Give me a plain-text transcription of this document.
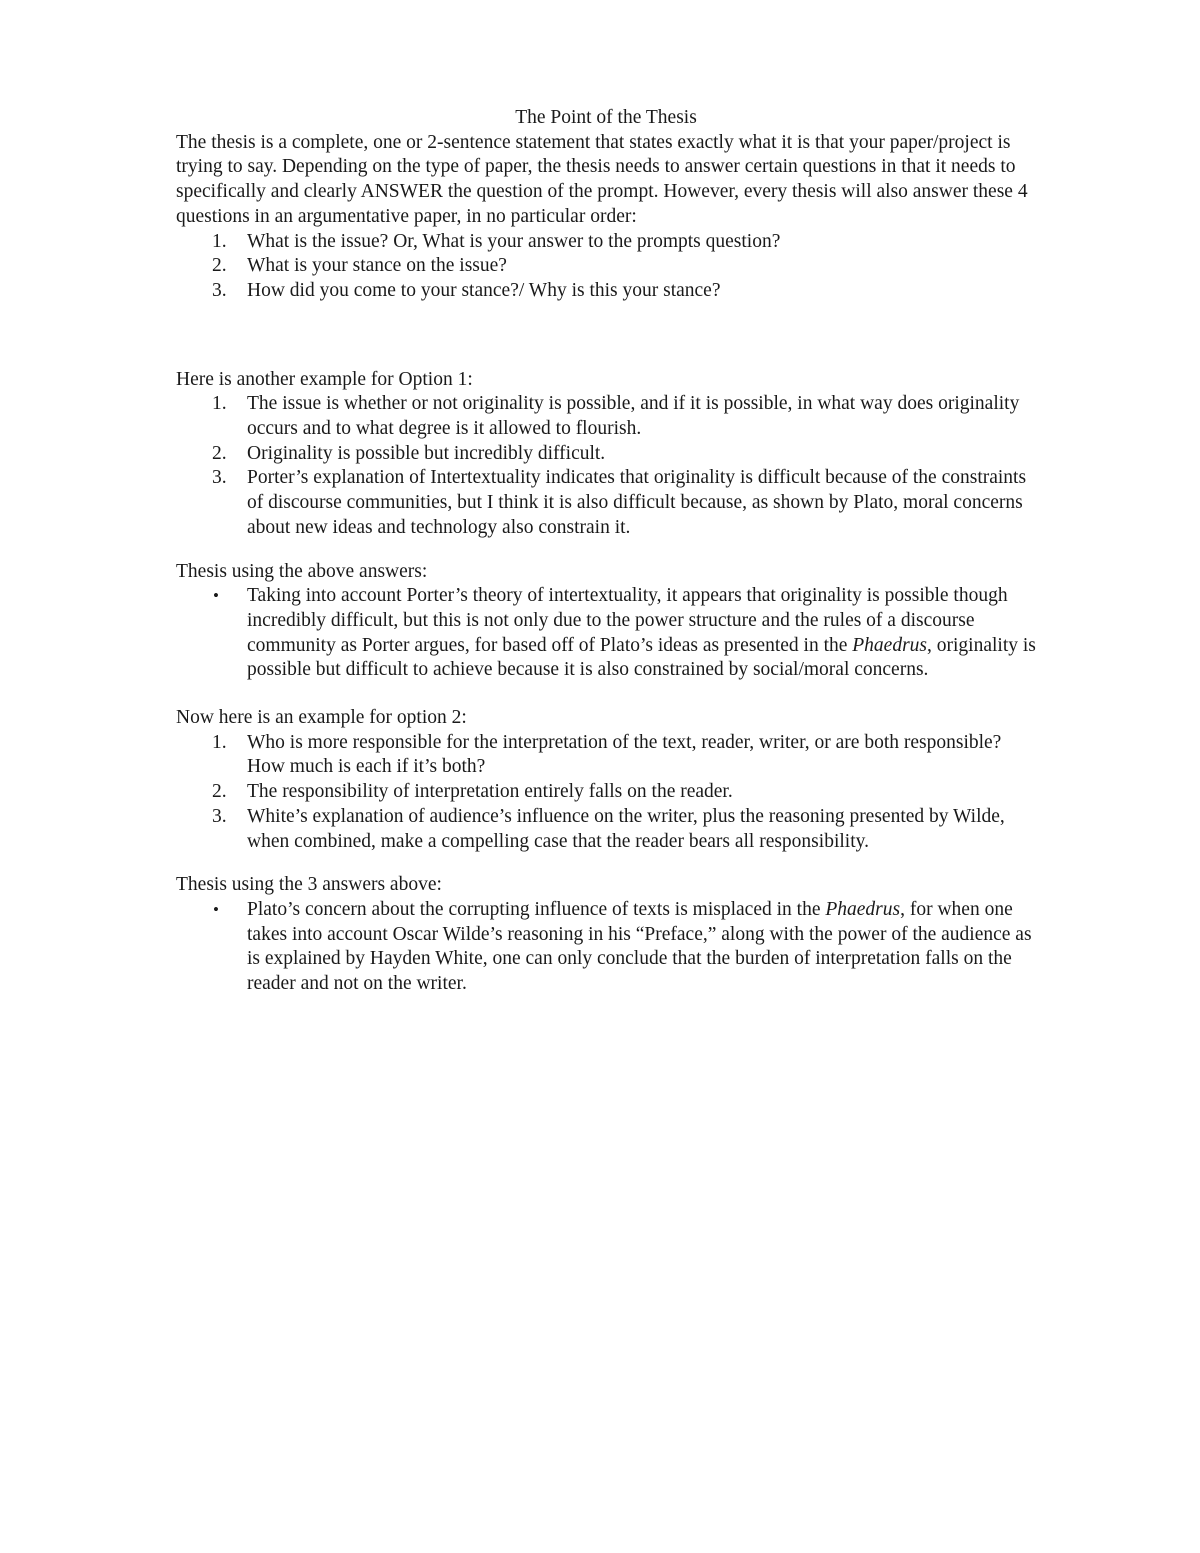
The Point of the Thesis

The thesis is a complete, one or 2-sentence statement that states exactly what it is that your paper/project is trying to say. Depending on the type of paper, the thesis needs to answer certain questions in that it needs to specifically and clearly ANSWER the question of the prompt. However, every thesis will also answer these 4 questions in an argumentative paper, in no particular order:

1. What is the issue? Or, What is your answer to the prompts question?
2. What is your stance on the issue?
3. How did you come to your stance?/ Why is this your stance?

Here is another example for Option 1:

1. The issue is whether or not originality is possible, and if it is possible, in what way does originality occurs and to what degree is it allowed to flourish.
2. Originality is possible but incredibly difficult.
3. Porter’s explanation of Intertextuality indicates that originality is difficult because of the constraints of discourse communities, but I think it is also difficult because, as shown by Plato, moral concerns about new ideas and technology also constrain it.

Thesis using the above answers:

• Taking into account Porter’s theory of intertextuality, it appears that originality is possible though incredibly difficult, but this is not only due to the power structure and the rules of a discourse community as Porter argues, for based off of Plato’s ideas as presented in the Phaedrus, originality is possible but difficult to achieve because it is also constrained by social/moral concerns.

Now here is an example for option 2:

1. Who is more responsible for the interpretation of the text, reader, writer, or are both responsible? How much is each if it’s both?
2. The responsibility of interpretation entirely falls on the reader.
3. White’s explanation of audience’s influence on the writer, plus the reasoning presented by Wilde, when combined, make a compelling case that the reader bears all responsibility.

Thesis using the 3 answers above:

• Plato’s concern about the corrupting influence of texts is misplaced in the Phaedrus, for when one takes into account Oscar Wilde’s reasoning in his “Preface,” along with the power of the audience as is explained by Hayden White, one can only conclude that the burden of interpretation falls on the reader and not on the writer.
